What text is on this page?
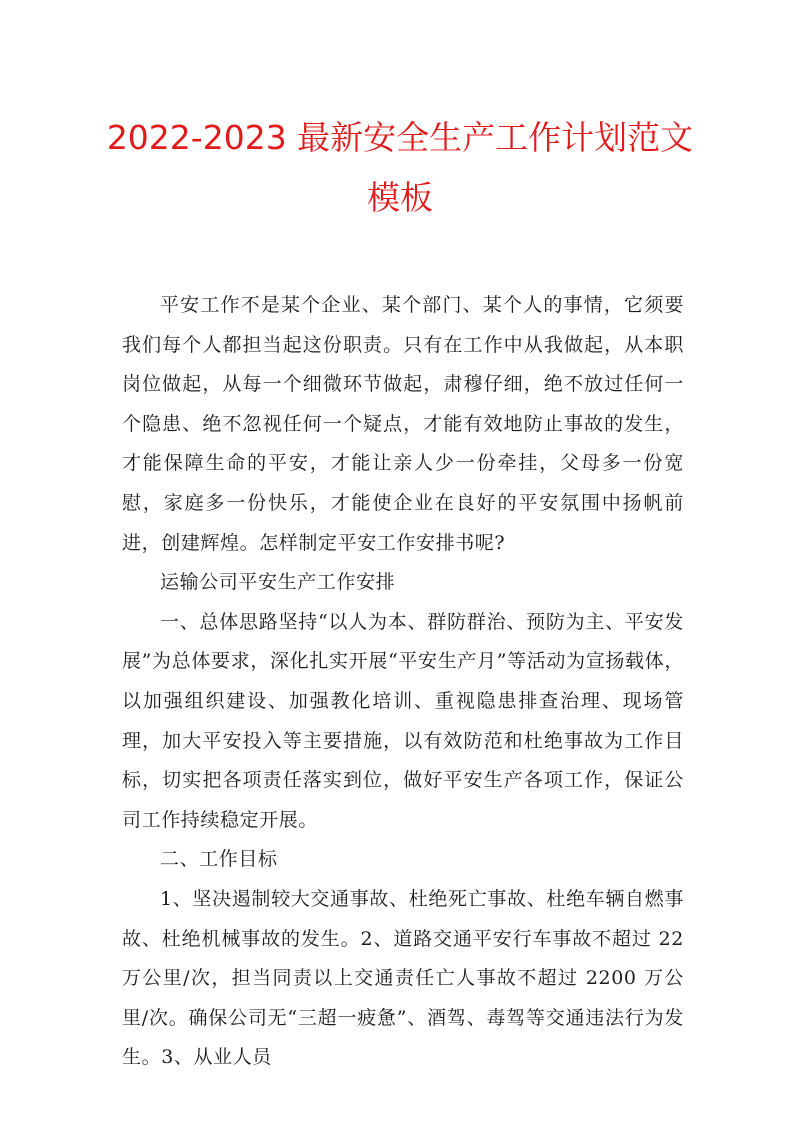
2022-2023 最新安全生产工作计划范文模板

平安工作不是某个企业、某个部门、某个人的事情，它须要我们每个人都担当起这份职责。只有在工作中从我做起，从本职岗位做起，从每一个细微环节做起，肃穆仔细，绝不放过任何一个隐患、绝不忽视任何一个疑点，才能有效地防止事故的发生，才能保障生命的平安，才能让亲人少一份牵挂，父母多一份宽慰，家庭多一份快乐，才能使企业在良好的平安氛围中扬帆前进，创建辉煌。怎样制定平安工作安排书呢?

运输公司平安生产工作安排

一、总体思路坚持“以人为本、群防群治、预防为主、平安发展”为总体要求，深化扎实开展“平安生产月”等活动为宣扬载体，以加强组织建设、加强教化培训、重视隐患排查治理、现场管理，加大平安投入等主要措施，以有效防范和杜绝事故为工作目标，切实把各项责任落实到位，做好平安生产各项工作，保证公司工作持续稳定开展。

二、工作目标

1、坚决遏制较大交通事故、杜绝死亡事故、杜绝车辆自燃事故、杜绝机械事故的发生。2、道路交通平安行车事故不超过 22 万公里/次，担当同责以上交通责任亡人事故不超过 2200 万公里/次。确保公司无“三超一疲惫”、酒驾、毒驾等交通违法行为发生。3、从业人员
